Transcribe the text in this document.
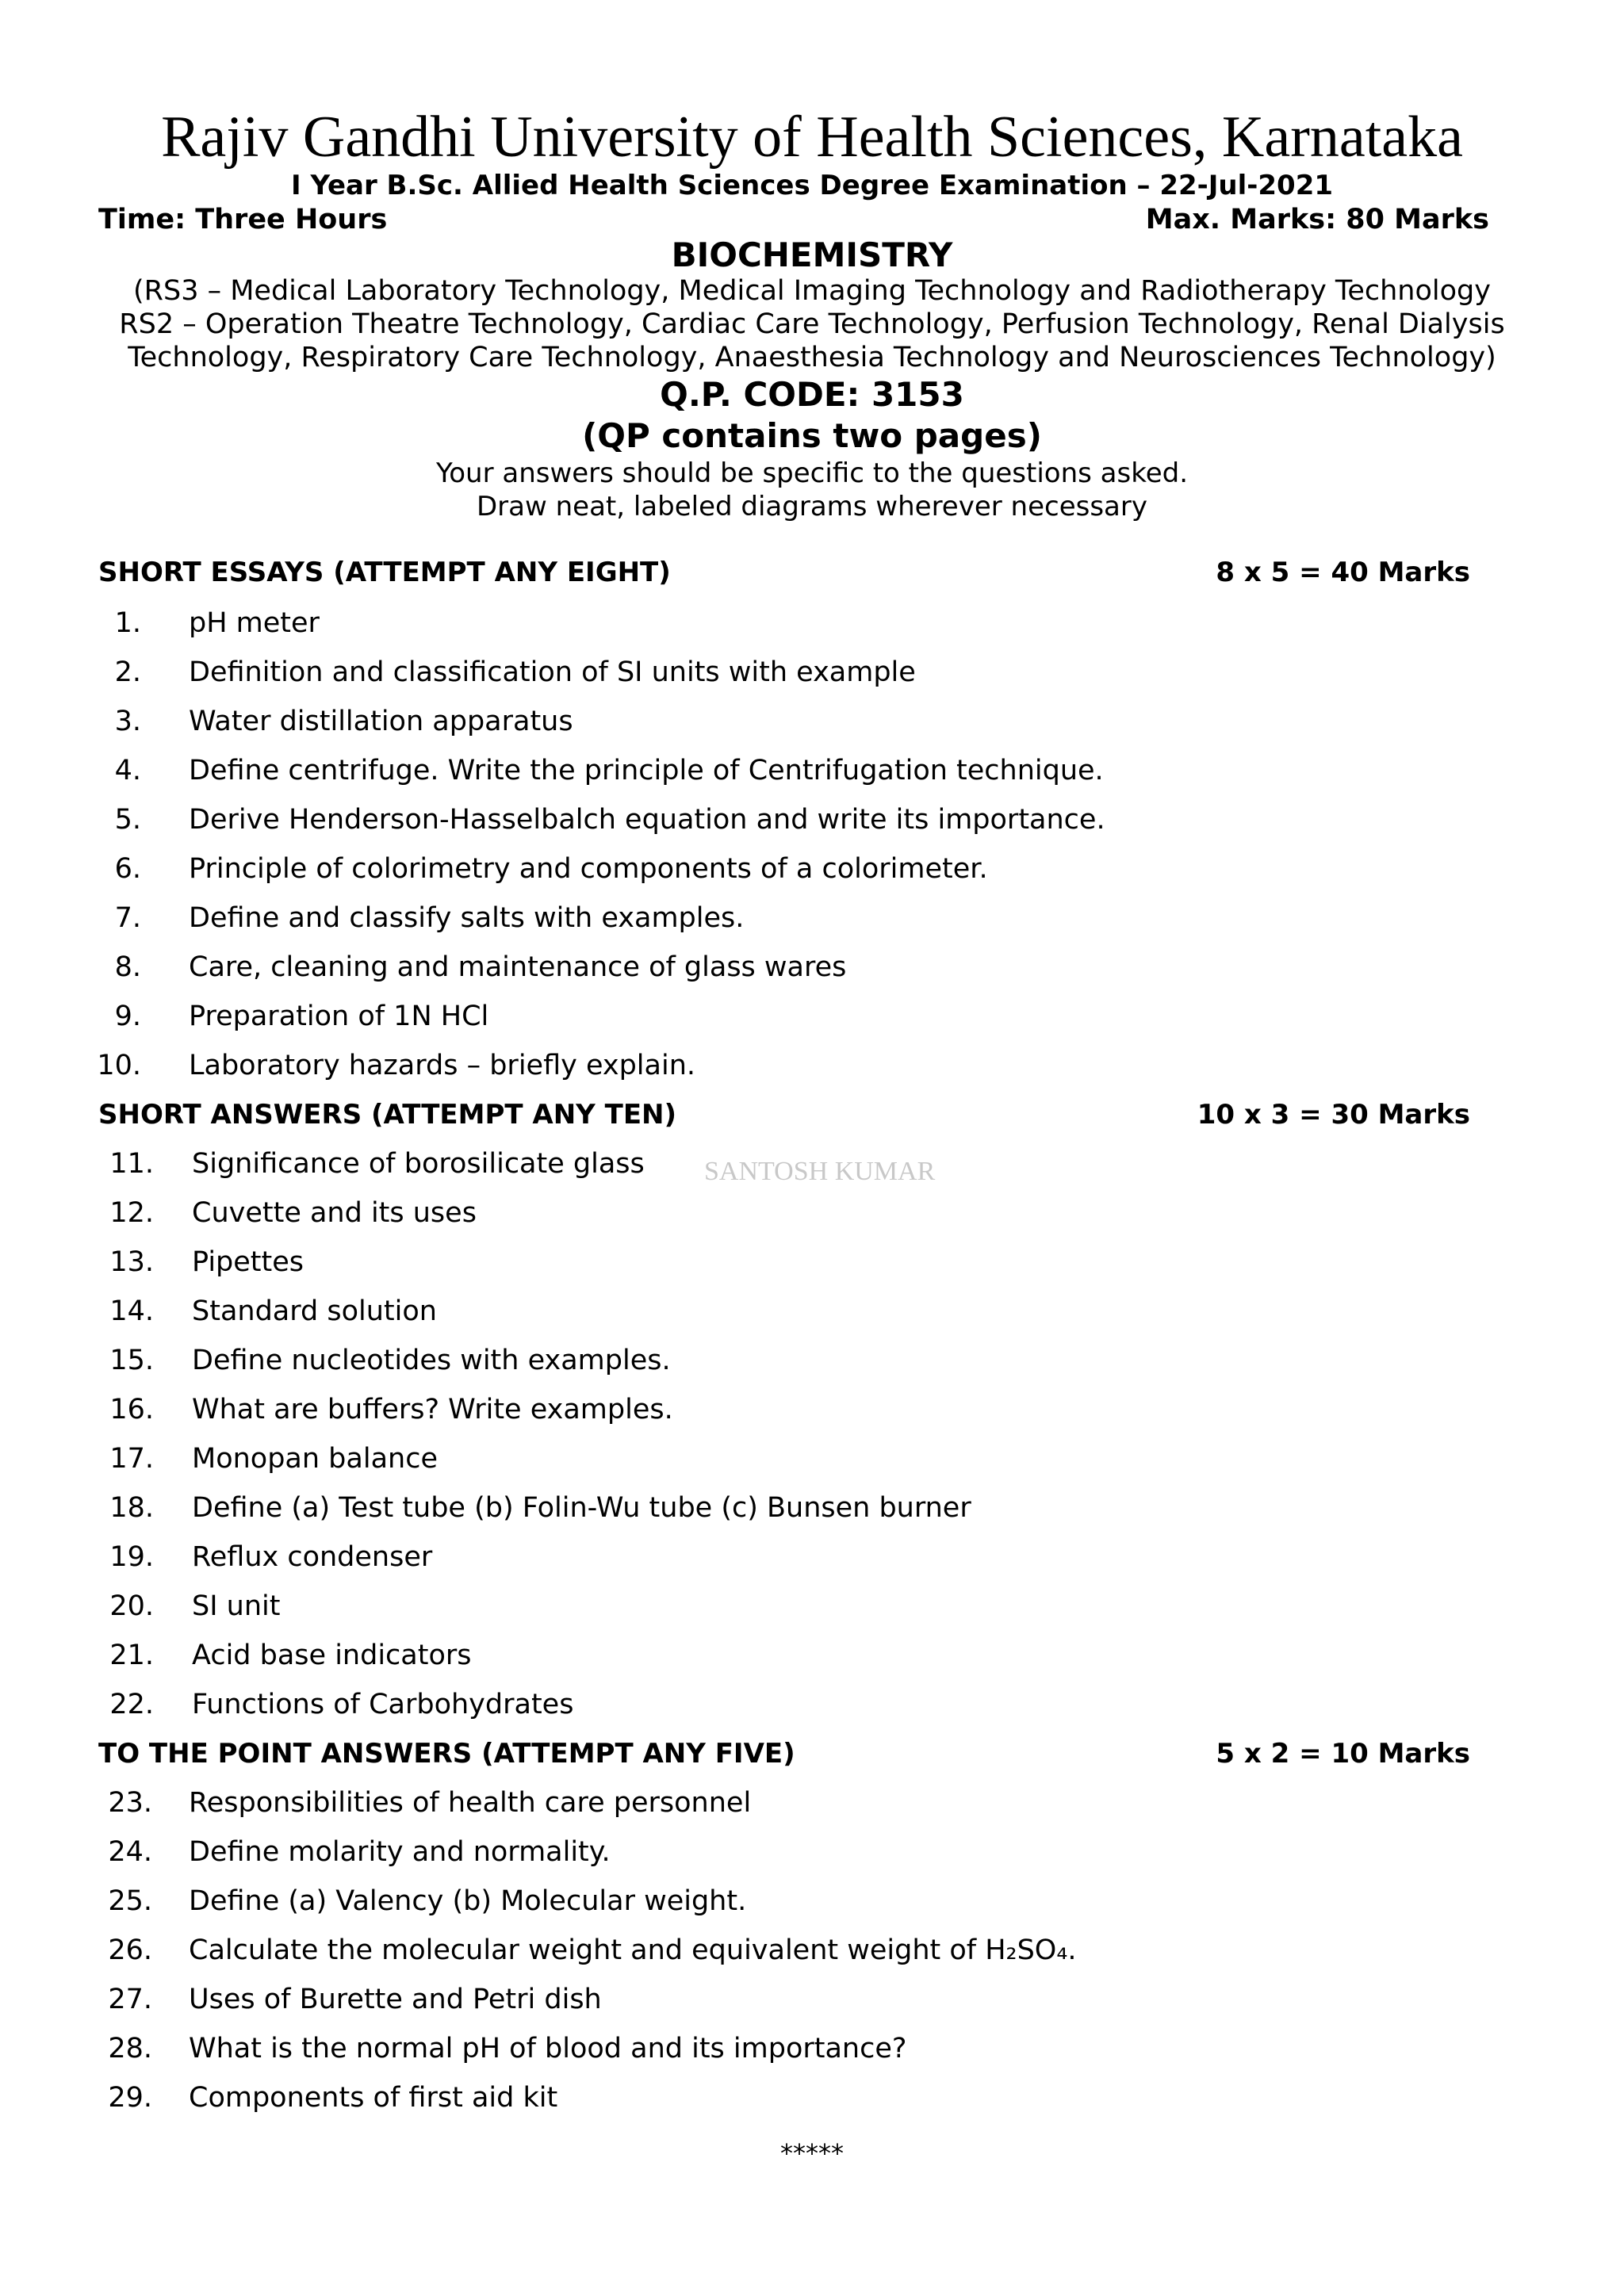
Rajiv Gandhi University of Health Sciences, Karnataka
I Year B.Sc. Allied Health Sciences Degree Examination – 22-Jul-2021
Time: Three Hours	Max. Marks: 80 Marks
BIOCHEMISTRY
(RS3 – Medical Laboratory Technology, Medical Imaging Technology and Radiotherapy Technology
RS2 – Operation Theatre Technology, Cardiac Care Technology, Perfusion Technology, Renal Dialysis
Technology, Respiratory Care Technology, Anaesthesia Technology and Neurosciences Technology)
Q.P. CODE: 3153
(QP contains two pages)
Your answers should be specific to the questions asked.
Draw neat, labeled diagrams wherever necessary
SHORT ESSAYS (ATTEMPT ANY EIGHT)	8 x 5 = 40 Marks
1. pH meter
2. Definition and classification of SI units with example
3. Water distillation apparatus
4. Define centrifuge. Write the principle of Centrifugation technique.
5. Derive Henderson-Hasselbalch equation and write its importance.
6. Principle of colorimetry and components of a colorimeter.
7. Define and classify salts with examples.
8. Care, cleaning and maintenance of glass wares
9. Preparation of 1N HCl
10. Laboratory hazards – briefly explain.
SHORT ANSWERS (ATTEMPT ANY TEN)	10 x 3 = 30 Marks
11. Significance of borosilicate glass
12. Cuvette and its uses
13. Pipettes
14. Standard solution
15. Define nucleotides with examples.
16. What are buffers? Write examples.
17. Monopan balance
18. Define (a) Test tube (b) Folin-Wu tube (c) Bunsen burner
19. Reflux condenser
20. SI unit
21. Acid base indicators
22. Functions of Carbohydrates
TO THE POINT ANSWERS (ATTEMPT ANY FIVE)	5 x 2 = 10 Marks
23. Responsibilities of health care personnel
24. Define molarity and normality.
25. Define (a) Valency (b) Molecular weight.
26. Calculate the molecular weight and equivalent weight of H₂SO₄.
27. Uses of Burette and Petri dish
28. What is the normal pH of blood and its importance?
29. Components of first aid kit
SANTOSH KUMAR
*****
